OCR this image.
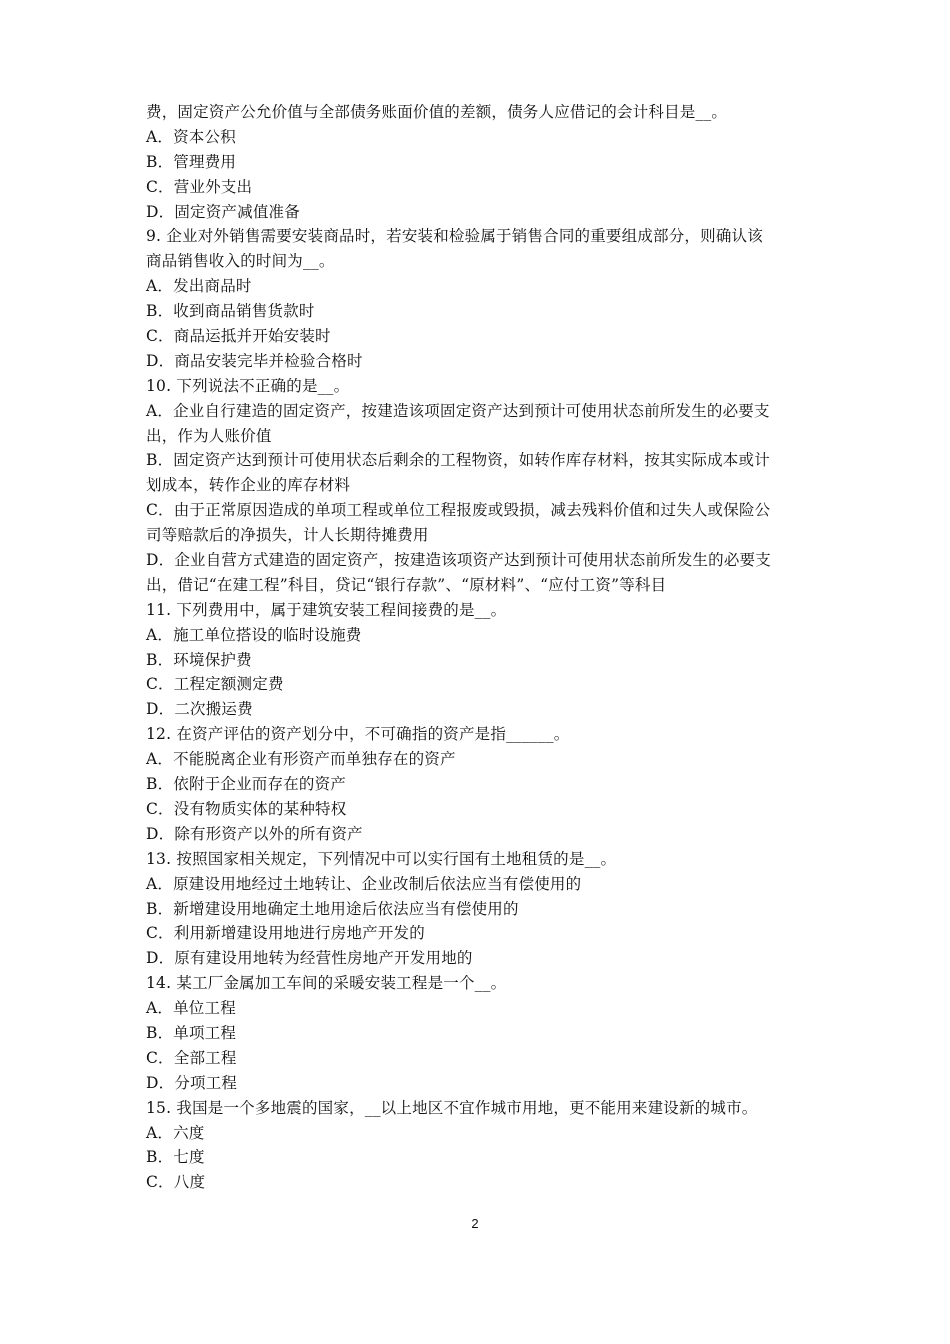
费，固定资产公允价值与全部债务账面价值的差额，债务人应借记的会计科目是__。
A．资本公积
B．管理费用
C．营业外支出
D．固定资产减值准备
9. 企业对外销售需要安装商品时，若安装和检验属于销售合同的重要组成部分，则确认该
商品销售收入的时间为__。
A．发出商品时
B．收到商品销售货款时
C．商品运抵并开始安装时
D．商品安装完毕并检验合格时
10. 下列说法不正确的是__。
A．企业自行建造的固定资产，按建造该项固定资产达到预计可使用状态前所发生的必要支
出，作为人账价值
B．固定资产达到预计可使用状态后剩余的工程物资，如转作库存材料，按其实际成本或计
划成本，转作企业的库存材料
C．由于正常原因造成的单项工程或单位工程报废或毁损，减去残料价值和过失人或保险公
司等赔款后的净损失，计人长期待摊费用
D．企业自营方式建造的固定资产，按建造该项资产达到预计可使用状态前所发生的必要支
出，借记“在建工程”科目，贷记“银行存款”、“原材料”、“应付工资”等科目
11. 下列费用中，属于建筑安装工程间接费的是__。
A．施工单位搭设的临时设施费
B．环境保护费
C．工程定额测定费
D．二次搬运费
12. 在资产评估的资产划分中，不可确指的资产是指______。
A．不能脱离企业有形资产而单独存在的资产
B．依附于企业而存在的资产
C．没有物质实体的某种特权
D．除有形资产以外的所有资产
13. 按照国家相关规定，下列情况中可以实行国有土地租赁的是__。
A．原建设用地经过土地转让、企业改制后依法应当有偿使用的
B．新增建设用地确定土地用途后依法应当有偿使用的
C．利用新增建设用地进行房地产开发的
D．原有建设用地转为经营性房地产开发用地的
14. 某工厂金属加工车间的采暖安装工程是一个__。
A．单位工程
B．单项工程
C．全部工程
D．分项工程
15. 我国是一个多地震的国家，__以上地区不宜作城市用地，更不能用来建设新的城市。
A．六度
B．七度
C．八度
2
